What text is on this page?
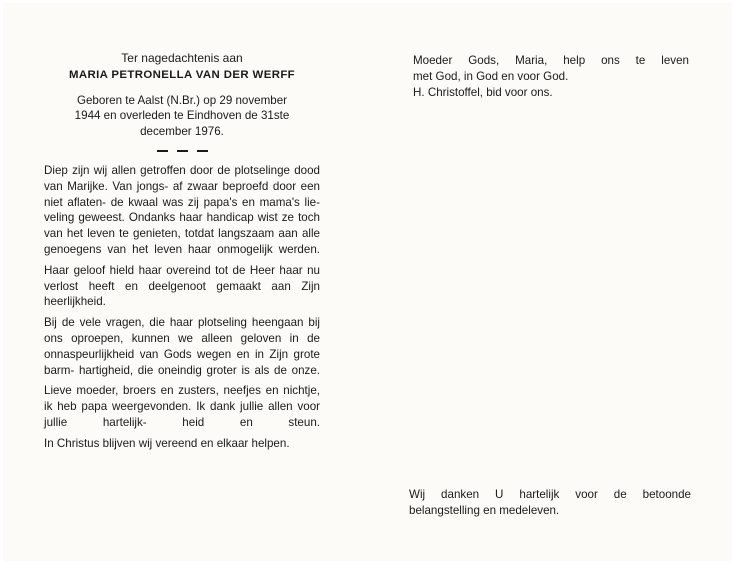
Ter nagedachtenis aan
MARIA PETRONELLA VAN DER WERFF
Geboren te Aalst (N.Br.) op 29 november
1944 en overleden te Eindhoven de 31ste
december 1976.

Diep zijn wij allen getroffen door de plotselinge dood van Marijke. Van jongs- af zwaar beproefd door een niet aflaten- de kwaal was zij papa's en mama's lie- veling geweest. Ondanks haar handicap wist ze toch van het leven te genieten, totdat langszaam aan alle genoegens van het leven haar onmogelijk werden.

Haar geloof hield haar overeind tot de Heer haar nu verlost heeft en deelgenoot gemaakt aan Zijn heerlijkheid.

Bij de vele vragen, die haar plotseling heengaan bij ons oproepen, kunnen we alleen geloven in de onnaspeurlijkheid van Gods wegen en in Zijn grote barm- hartigheid, die oneindig groter is als de onze.

Lieve moeder, broers en zusters, neefjes en nichtje, ik heb papa weergevonden. Ik dank jullie allen voor jullie hartelijk- heid en steun.

In Christus blijven wij vereend en elkaar helpen.

Moeder Gods, Maria, help ons te leven
met God, in God en voor God.
H. Christoffel, bid voor ons.
Wij danken U hartelijk voor de betoonde
belangstelling en medeleven.
